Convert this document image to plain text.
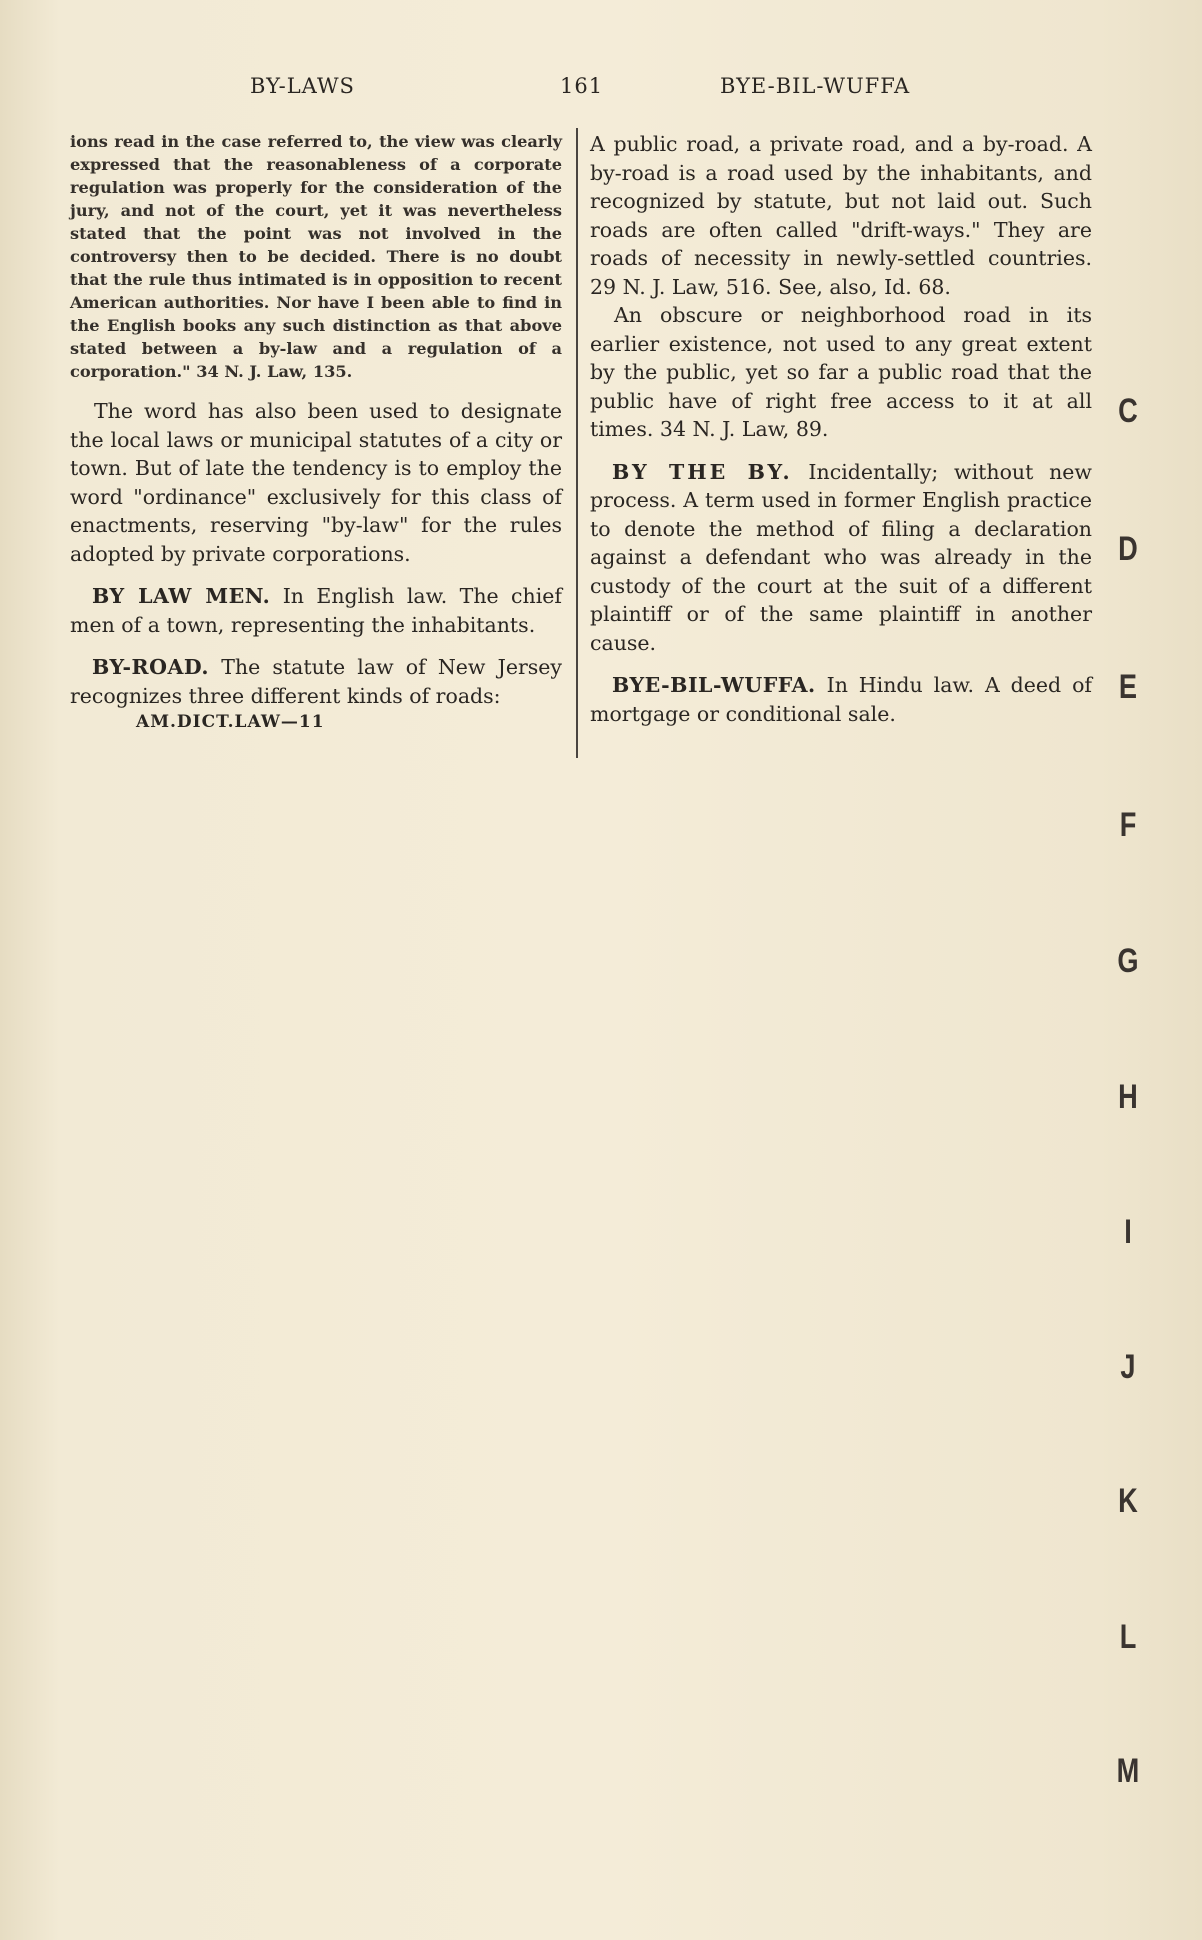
BY-LAWS	161	BYE-BIL-WUFFA

ions read in the case referred to, the view was clearly expressed that the reasonableness of a corporate regulation was properly for the consideration of the jury, and not of the court, yet it was nevertheless stated that the point was not involved in the controversy then to be decided. There is no doubt that the rule thus intimated is in opposition to recent American authorities. Nor have I been able to find in the English books any such distinction as that above stated between a by-law and a regulation of a corporation." 34 N. J. Law, 135.

The word has also been used to designate the local laws or municipal statutes of a city or town. But of late the tendency is to employ the word "ordinance" exclusively for this class of enactments, reserving "by-law" for the rules adopted by private corporations.

BY LAW MEN. In English law. The chief men of a town, representing the inhabitants.

BY-ROAD. The statute law of New Jersey recognizes three different kinds of roads:

AM.DICT.LAW—11

A public road, a private road, and a by-road. A by-road is a road used by the inhabitants, and recognized by statute, but not laid out. Such roads are often called "drift-ways." They are roads of necessity in newly-settled countries. 29 N. J. Law, 516. See, also, Id. 68.

An obscure or neighborhood road in its earlier existence, not used to any great extent by the public, yet so far a public road that the public have of right free access to it at all times. 34 N. J. Law, 89.

BY THE BY. Incidentally; without new process. A term used in former English practice to denote the method of filing a declaration against a defendant who was already in the custody of the court at the suit of a different plaintiff or of the same plaintiff in another cause.

BYE-BIL-WUFFA. In Hindu law. A deed of mortgage or conditional sale.

C
D
E
F
G
H
I
J
K
L
M
